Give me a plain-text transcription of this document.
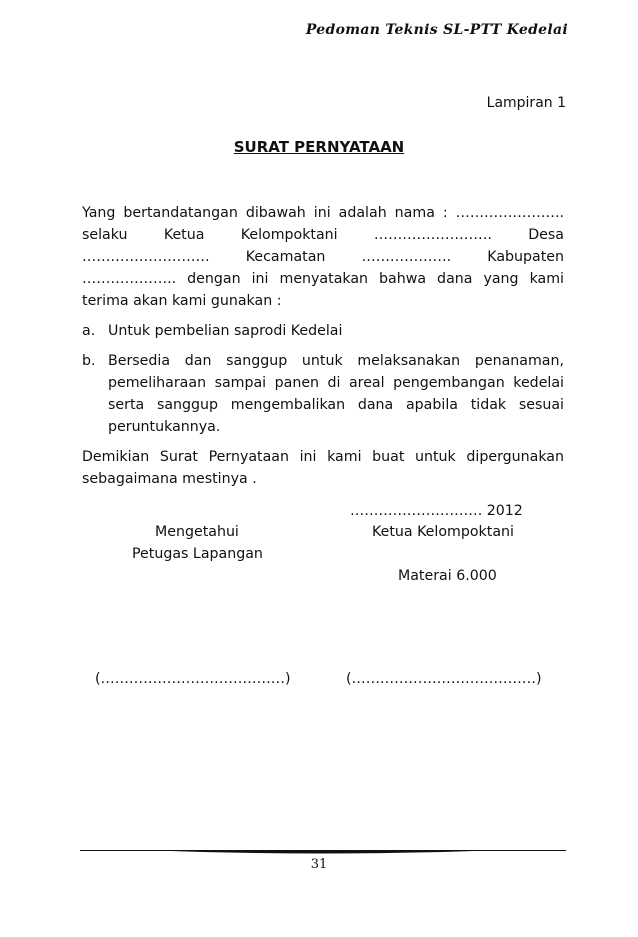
Pedoman Teknis SL-PTT Kedelai
Lampiran 1
SURAT PERNYATAAN
Yang bertandatangan dibawah ini adalah nama : …………………..
selaku Ketua Kelompoktani ……………………. Desa
……………………… Kecamatan ………………. Kabupaten
……………….. dengan ini menyatakan bahwa dana yang kami
terima akan kami gunakan :
a. Untuk pembelian saprodi Kedelai
b. Bersedia dan sanggup untuk melaksanakan penanaman, pemeliharaan sampai panen di areal pengembangan kedelai serta sanggup mengembalikan dana apabila tidak sesuai peruntukannya.
Demikian Surat Pernyataan ini kami buat untuk dipergunakan sebagaimana mestinya .
………………………. 2012
Mengetahui
Petugas Lapangan
Ketua Kelompoktani
Materai 6.000
(…………………………………)	(…………………………………)
31
